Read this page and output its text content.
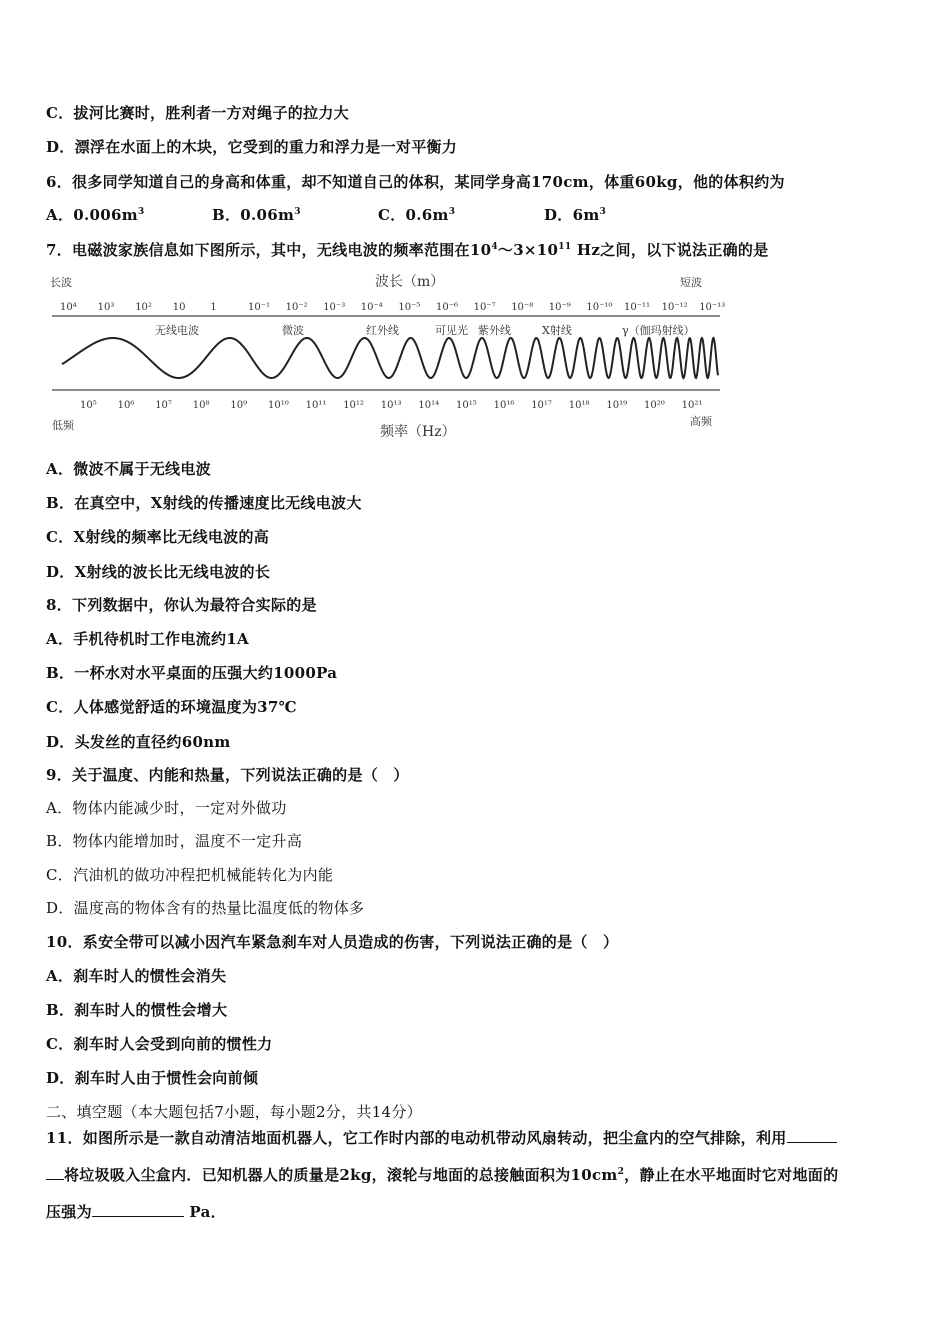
C．拔河比赛时，胜利者一方对绳子的拉力大
D．漂浮在水面上的木块，它受到的重力和浮力是一对平衡力
6．很多同学知道自己的身高和体重，却不知道自己的体积，某同学身高170cm，体重60kg，他的体积约为
A．$0.006m^3$	B．$0.06m^3$	C．$0.6m^3$	D．$6m^3$
7．电磁波家族信息如下图所示，其中，无线电波的频率范围在$10^4\sim 3\times 10^{11}$ Hz之间，以下说法正确的是
长波	波长（m）	短波
10⁴ 10³ 10² 10 1	10⁻¹ 10⁻² 10⁻³ 10⁻⁴ 10⁻⁵ 10⁻⁶ 10⁻⁷ 10⁻⁸ 10⁻⁹ 10⁻¹⁰ 10⁻¹¹ 10⁻¹² 10⁻¹³
无线电波	微波	红外线	可见光 紫外线	X射线	γ（伽玛射线）
10⁵ 10⁶ 10⁷ 10⁸ 10⁹ 10¹⁰ 10¹¹ 10¹² 10¹³ 10¹⁴ 10¹⁵ 10¹⁶ 10¹⁷ 10¹⁸ 10¹⁹ 10²⁰ 10²¹
低频	频率（Hz）
高频
A．微波不属于无线电波
B．在真空中，X射线的传播速度比无线电波大
C．X射线的频率比无线电波的高
D．X射线的波长比无线电波的长
8．下列数据中，你认为最符合实际的是
A．手机待机时工作电流约1A
B．一杯水对水平桌面的压强大约1000Pa
C．人体感觉舒适的环境温度为37℃
D．头发丝的直径约60nm
9．关于温度、内能和热量，下列说法正确的是（　）
A．物体内能减少时，一定对外做功
B．物体内能增加时，温度不一定升高
C．汽油机的做功冲程把机械能转化为内能
D．温度高的物体含有的热量比温度低的物体多
10．系安全带可以减小因汽车紧急刹车对人员造成的伤害，下列说法正确的是（　）
A．刹车时人的惯性会消失
B．刹车时人的惯性会增大
C．刹车时人会受到向前的惯性力
D．刹车时人由于惯性会向前倾
二、填空题（本大题包括7小题，每小题2分，共14分）
11．如图所示是一款自动清洁地面机器人，它工作时内部的电动机带动风扇转动，把尘盒内的空气排除，利用
将垃圾吸入尘盒内．已知机器人的质量是2kg，滚轮与地面的总接触面积为$10cm^2$，静止在水平地面时它对地面的
压强为	Pa．
